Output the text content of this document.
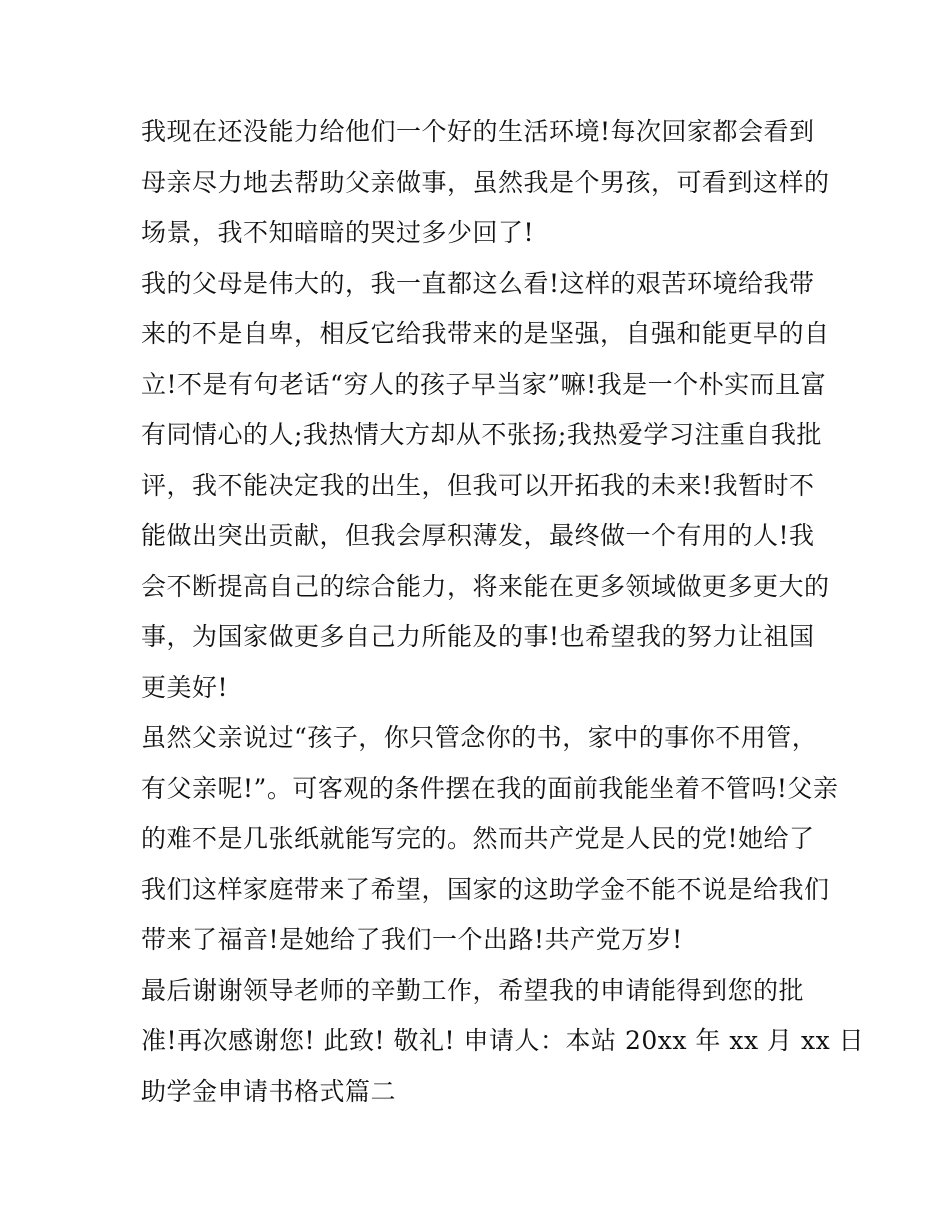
我现在还没能力给他们一个好的生活环境!每次回家都会看到
母亲尽力地去帮助父亲做事，虽然我是个男孩，可看到这样的
场景，我不知暗暗的哭过多少回了!
我的父母是伟大的，我一直都这么看!这样的艰苦环境给我带
来的不是自卑，相反它给我带来的是坚强，自强和能更早的自
立!不是有句老话“穷人的孩子早当家”嘛!我是一个朴实而且富
有同情心的人;我热情大方却从不张扬;我热爱学习注重自我批
评，我不能决定我的出生，但我可以开拓我的未来!我暂时不
能做出突出贡献，但我会厚积薄发，最终做一个有用的人!我
会不断提高自己的综合能力，将来能在更多领域做更多更大的
事，为国家做更多自己力所能及的事!也希望我的努力让祖国
更美好!
虽然父亲说过“孩子，你只管念你的书，家中的事你不用管，
有父亲呢!”。可客观的条件摆在我的面前我能坐着不管吗!父亲
的难不是几张纸就能写完的。然而共产党是人民的党!她给了
我们这样家庭带来了希望，国家的这助学金不能不说是给我们
带来了福音!是她给了我们一个出路!共产党万岁!
最后谢谢领导老师的辛勤工作，希望我的申请能得到您的批
准!再次感谢您! 此致! 敬礼! 申请人：本站 20xx 年 xx 月 xx 日
助学金申请书格式篇二
